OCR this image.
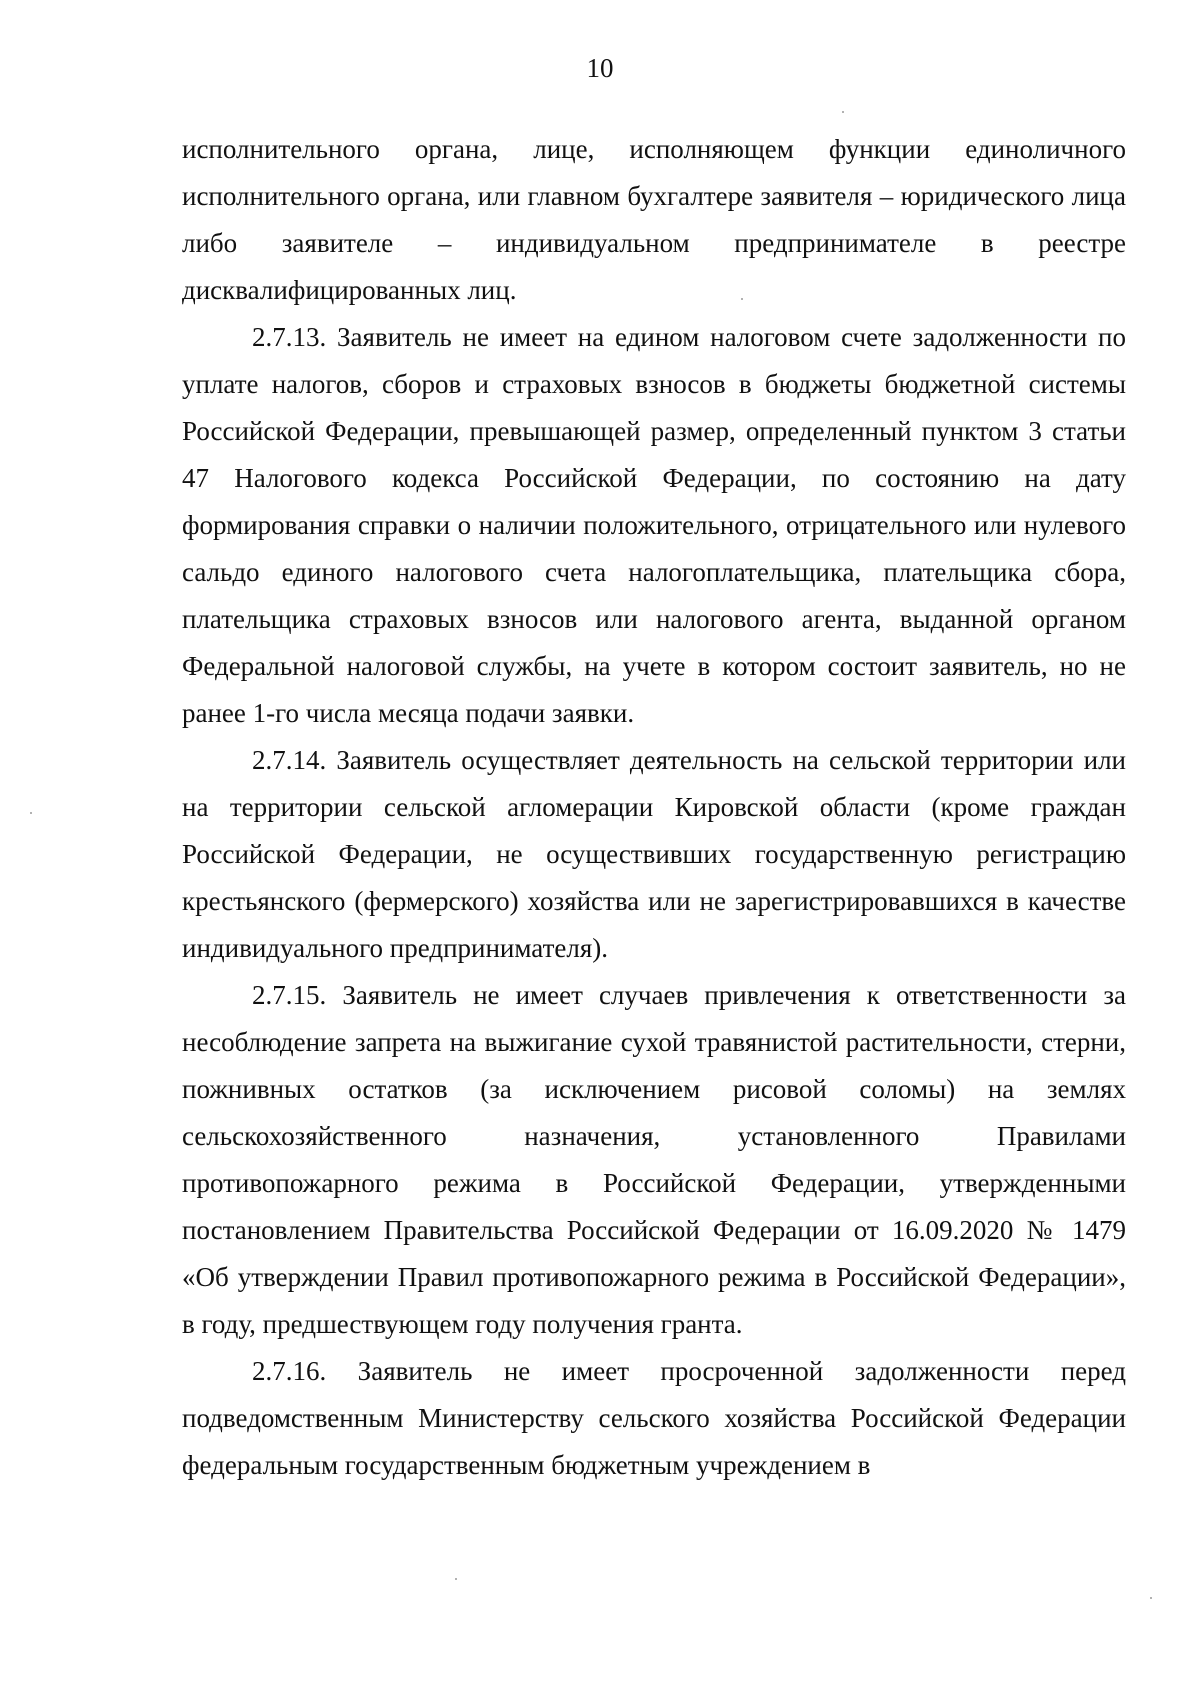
10

исполнительного органа, лице, исполняющем функции единоличного исполнительного органа, или главном бухгалтере заявителя – юридического лица либо заявителе – индивидуальном предпринимателе в реестре дисквалифицированных лиц.

2.7.13. Заявитель не имеет на едином налоговом счете задолженности по уплате налогов, сборов и страховых взносов в бюджеты бюджетной системы Российской Федерации, превышающей размер, определенный пунктом 3 статьи 47 Налогового кодекса Российской Федерации, по состоянию на дату формирования справки о наличии положительного, отрицательного или нулевого сальдо единого налогового счета налогоплательщика, плательщика сбора, плательщика страховых взносов или налогового агента, выданной органом Федеральной налоговой службы, на учете в котором состоит заявитель, но не ранее 1-го числа месяца подачи заявки.

2.7.14. Заявитель осуществляет деятельность на сельской территории или на территории сельской агломерации Кировской области (кроме граждан Российской Федерации, не осуществивших государственную регистрацию крестьянского (фермерского) хозяйства или не зарегистрировавшихся в качестве индивидуального предпринимателя).

2.7.15. Заявитель не имеет случаев привлечения к ответственности за несоблюдение запрета на выжигание сухой травянистой растительности, стерни, пожнивных остатков (за исключением рисовой соломы) на землях сельскохозяйственного назначения, установленного Правилами противопожарного режима в Российской Федерации, утвержденными постановлением Правительства Российской Федерации от 16.09.2020 № 1479 «Об утверждении Правил противопожарного режима в Российской Федерации», в году, предшествующем году получения гранта.

2.7.16. Заявитель не имеет просроченной задолженности перед подведомственным Министерству сельского хозяйства Российской Федерации федеральным государственным бюджетным учреждением в
